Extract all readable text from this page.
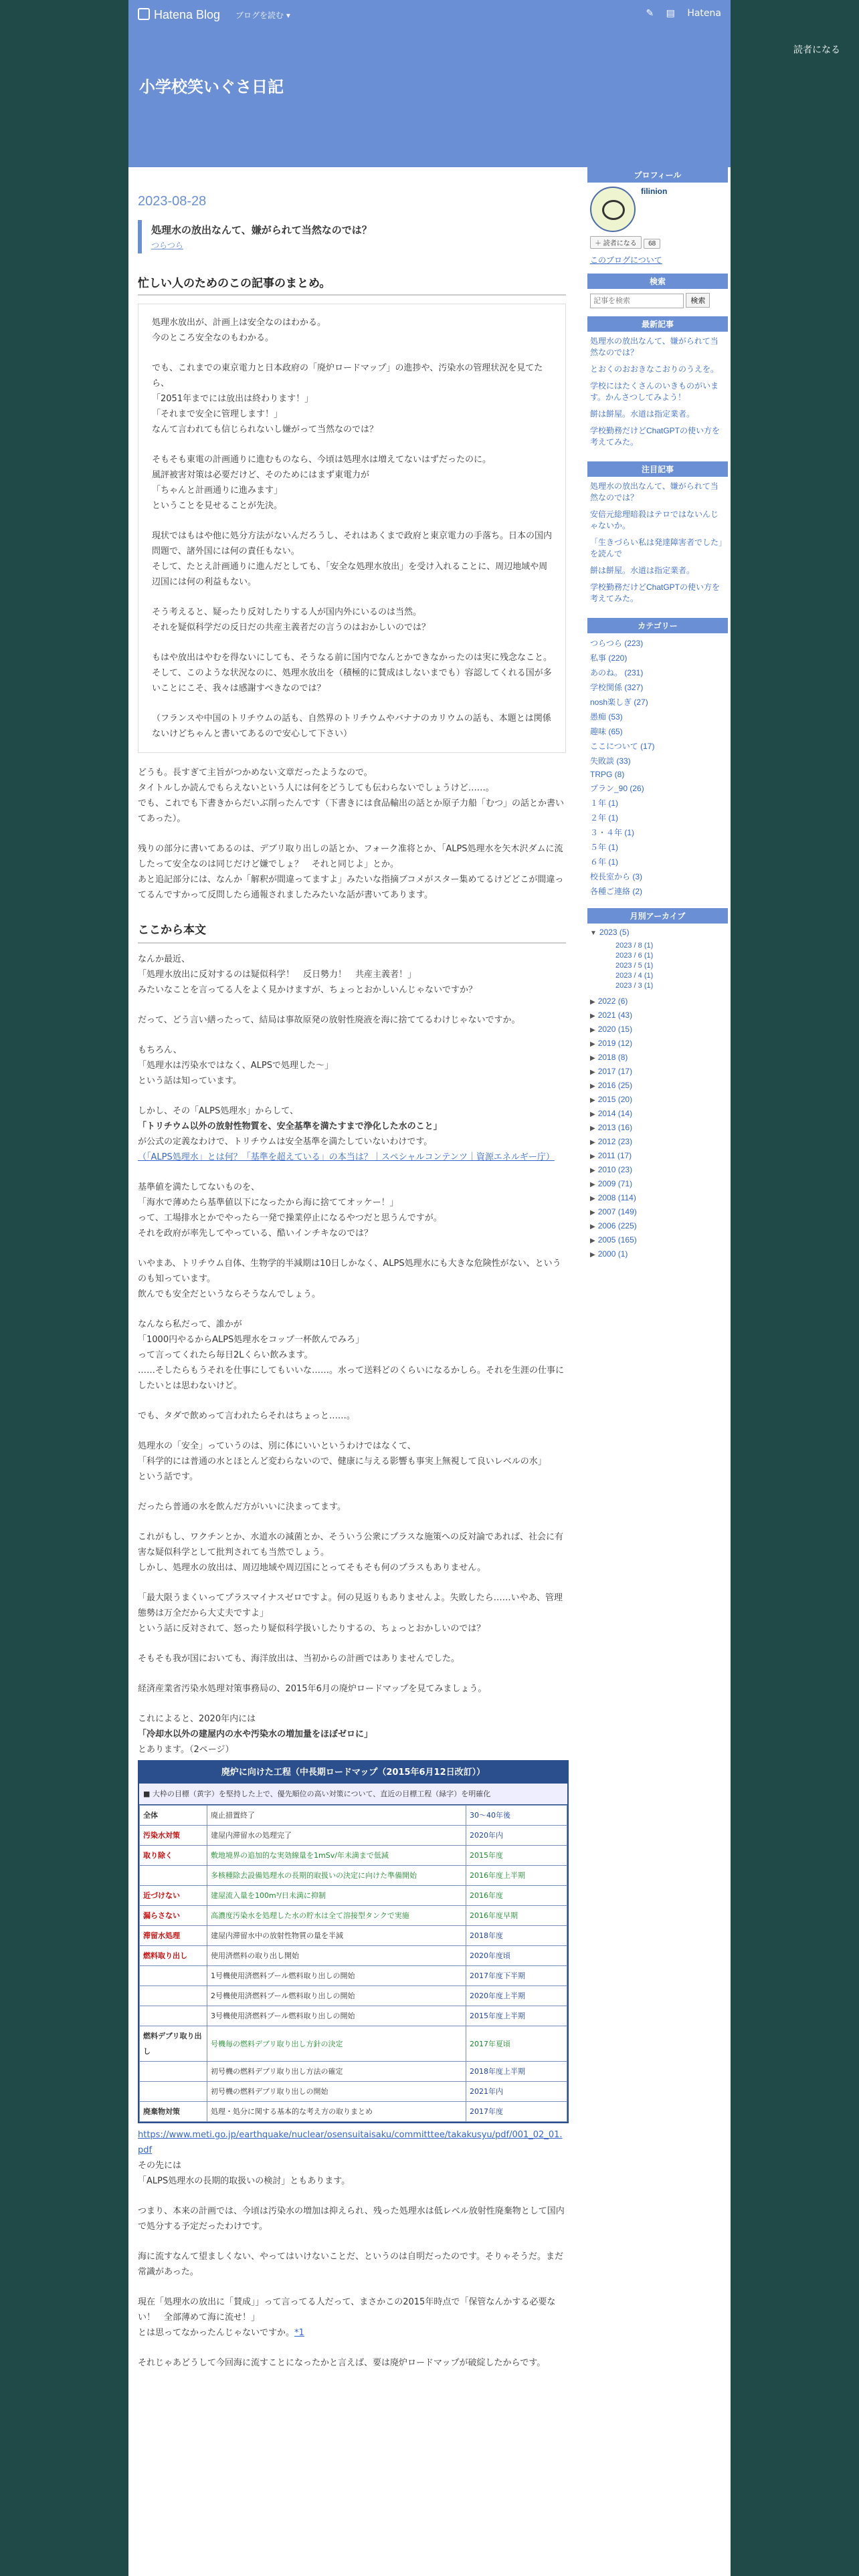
Hatena Blog ブログを読む ▾	✎ ▤ Hatena
読者になる
小学校笑いぐさ日記
2023-08-28
処理水の放出なんて、嫌がられて当然なのでは？
つらつら
忙しい人のためのこの記事のまとめ。

処理水放出が、計画上は安全なのはわかる。
今のところ安全なのもわかる。

でも、これまでの東京電力と日本政府の「廃炉ロードマップ」の進捗や、汚染水の管理状況を見てたら、
「2051年までには放出は終わります！」
「それまで安全に管理します！」
なんて言われても信じられないし嫌がって当然なのでは？

そもそも東電の計画通りに進むものなら、今頃は処理水は増えてないはずだったのに。
風評被害対策は必要だけど、そのためにはまず東電力が
「ちゃんと計画通りに進みます」
ということを見せることが先決。

現状ではもはや他に処分方法がないんだろうし、それはあくまで政府と東京電力の手落ち。日本の国内問題で、諸外国には何の責任もない。
そして、たとえ計画通りに進んだとしても、「安全な処理水放出」を受け入れることに、周辺地域や周辺国には何の利益もない。

そう考えると、疑ったり反対したりする人が国内外にいるのは当然。
それを疑似科学だの反日だの共産主義者だの言うのはおかしいのでは？

もはや放出はやむを得ないにしても、そうなる前に国内でなんとかできなかったのは実に残念なこと。
そして、このような状況なのに、処理水放出を（積極的に賛成はしないまでも）容認してくれる国が多いことにこそ、我々は感謝すべきなのでは？

（フランスや中国のトリチウムの話も、自然界のトリチウムやバナナのカリウムの話も、本題とは関係ないけどちゃんと書いてあるので安心して下さい）

どうも。長すぎて主旨がつかめない文章だったようなので。
タイトルしか読んでもらえないという人には何をどうしても伝わらないでしょうけど……。
でも、これでも下書きからだいぶ削ったんです（下書きには食品輸出の話とか原子力船「むつ」の話とか書いてあった）。

残りの部分に書いてあるのは、デブリ取り出しの話とか、フォーク准将とか、「ALPS処理水を矢木沢ダムに流したって安全なのは同じだけど嫌でしょ？　それと同じよ」とか。
あと追記部分には、なんか「解釈が間違ってますよ」みたいな指摘ブコメがスター集めてるけどどこが間違ってるんですかって反問したら通報されましたみたいな話が書いてあります。

ここから本文

なんか最近、
「処理水放出に反対するのは疑似科学！　反日勢力！　共産主義者！」
みたいなことを言ってる人をよく見かけますが、ちょっとおかしいんじゃないですか？

だって、どう言い繕ったって、結局は事故原発の放射性廃液を海に捨ててるわけじゃないですか。

もちろん、
「処理水は汚染水ではなく、ALPSで処理した〜」
という話は知っています。

しかし、その「ALPS処理水」からして、

「トリチウム以外の放射性物質を、安全基準を満たすまで浄化した水のこと」

が公式の定義なわけで、トリチウムは安全基準を満たしていないわけです。

（「ALPS処理水」とは何？「基準を超えている」の本当は？｜スペシャルコンテンツ｜資源エネルギー庁）

基準値を満たしてないものを、
「海水で薄めたら基準値以下になったから海に捨ててオッケー！」
って、工場排水とかでやったら一発で操業停止になるやつだと思うんですが。
それを政府が率先してやっている、酷いインチキなのでは？

いやまあ、トリチウム自体、生物学的半減期は10日しかなく、ALPS処理水にも大きな危険性がない、というのも知っています。
飲んでも安全だというならそうなんでしょう。

なんなら私だって、誰かが
「1000円やるからALPS処理水をコップ一杯飲んでみろ」
って言ってくれたら毎日2Lくらい飲みます。
……そしたらもうそれを仕事にしてもいいな……。水って送料どのくらいになるかしら。それを生涯の仕事にしたいとは思わないけど。

でも、タダで飲めって言われたらそれはちょっと……。

処理水の「安全」っていうのは、別に体にいいというわけではなくて、
「科学的には普通の水とほとんど変わらないので、健康に与える影響も事実上無視して良いレベルの水」
という話です。

だったら普通の水を飲んだ方がいいに決まってます。

これがもし、ワクチンとか、水道水の減菌とか、そういう公衆にプラスな施策への反対論であれば、社会に有害な疑似科学として批判されても当然でしょう。
しかし、処理水の放出は、周辺地域や周辺国にとってそもそも何のプラスもありません。

「最大限うまくいってプラスマイナスゼロですよ。何の見返りもありませんよ。失敗したら……いやあ、管理態勢は万全だから大丈夫ですよ」
という話に反対されて、怒ったり疑似科学扱いしたりするの、ちょっとおかしいのでは？

そもそも我が国においても、海洋放出は、当初からの計画ではありませんでした。

経済産業省汚染水処理対策事務局の、2015年6月の廃炉ロードマップを見てみましょう。

これによると、2020年内には

「冷却水以外の建屋内の水や汚染水の増加量をほぼゼロに」

とあります。（2ページ）

廃炉に向けた工程（中長期ロードマップ（2015年6月12日改訂））
■ 大枠の目標（黄字）を堅持した上で、優先順位の高い対策について、直近の目標工程（緑字）を明確化
全体	廃止措置終了	30〜40年後
汚染水対策	建屋内滞留水の処理完了	2020年内
取り除く	敷地境界の追加的な実効線量を1mSv/年未満まで低減	2015年度
	多核種除去設備処理水の長期的取扱いの決定に向けた準備開始	2016年度上半期
近づけない	建屋流入量を100m³/日未満に抑制	2016年度
漏らさない	高濃度汚染水を処理した水の貯水は全て溶接型タンクで実施	2016年度早期
滞留水処理	建屋内滞留水中の放射性物質の量を半減	2018年度
燃料取り出し	使用済燃料の取り出し開始	2020年度頃
	1号機使用済燃料プール燃料取り出しの開始	2017年度下半期
	2号機使用済燃料プール燃料取り出しの開始	2020年度上半期
	3号機使用済燃料プール燃料取り出しの開始	2015年度上半期
燃料デブリ取り出し	号機毎の燃料デブリ取り出し方針の決定	2017年夏頃
	初号機の燃料デブリ取り出し方法の確定	2018年度上半期
	初号機の燃料デブリ取り出しの開始	2021年内
廃棄物対策	処理・処分に関する基本的な考え方の取りまとめ	2017年度

https://www.meti.go.jp/earthquake/nuclear/osensuitaisaku/committtee/takakusyu/pdf/001_02_01.pdf

その先には
「ALPS処理水の長期的取扱いの検討」ともあります。

つまり、本来の計画では、今頃は汚染水の増加は抑えられ、残った処理水は低レベル放射性廃棄物として国内で処分する予定だったわけです。

海に流すなんて望ましくない、やってはいけないことだ、というのは自明だったのです。そりゃそうだ。まだ常識があった。

現在「処理水の放出に「賛成」」って言ってる人だって、まさかこの2015年時点で「保管なんかする必要ない！　全部薄めて海に流せ！」
とは思ってなかったんじゃないですか。*1

それじゃあどうして今回海に流すことになったかと言えば、要は廃炉ロードマップが破綻したからです。

プロフィール
filinion
＋ 読者になる 68
このブログについて
検索
記事を検索 検索
最新記事
処理水の放出なんて、嫌がられて当然なのでは？
とおくのおおきなこおりのうえを。
学校にはたくさんのいきものがいます。かんさつしてみよう！
餅は餅屋。水道は指定業者。
学校勤務だけどChatGPTの使い方を考えてみた。
注目記事
処理水の放出なんて、嫌がられて当然なのでは？
安倍元総理暗殺はテロではないんじゃないか。
「生きづらい私は発達障害者でした」を読んで
餅は餅屋。水道は指定業者。
学校勤務だけどChatGPTの使い方を考えてみた。
カテゴリー
つらつら (223)
私事 (220)
あのね。 (231)
学校関係 (327)
nosh楽しぎ (27)
愚痴 (53)
趣味 (65)
ここについて (17)
失敗談 (33)
TRPG (8)
プラン_90 (26)
１年 (1)
２年 (1)
３・４年 (1)
５年 (1)
６年 (1)
校長室から (3)
各種ご連絡 (2)
月別アーカイブ
▼ 2023 (5)
2023 / 8 (1)
2023 / 6 (1)
2023 / 5 (1)
2023 / 4 (1)
2023 / 3 (1)
▶ 2022 (6)
▶ 2021 (43)
▶ 2020 (15)
▶ 2019 (12)
▶ 2018 (8)
▶ 2017 (17)
▶ 2016 (25)
▶ 2015 (20)
▶ 2014 (14)
▶ 2013 (16)
▶ 2012 (23)
▶ 2011 (17)
▶ 2010 (23)
▶ 2009 (71)
▶ 2008 (114)
▶ 2007 (149)
▶ 2006 (225)
▶ 2005 (165)
▶ 2000 (1)
